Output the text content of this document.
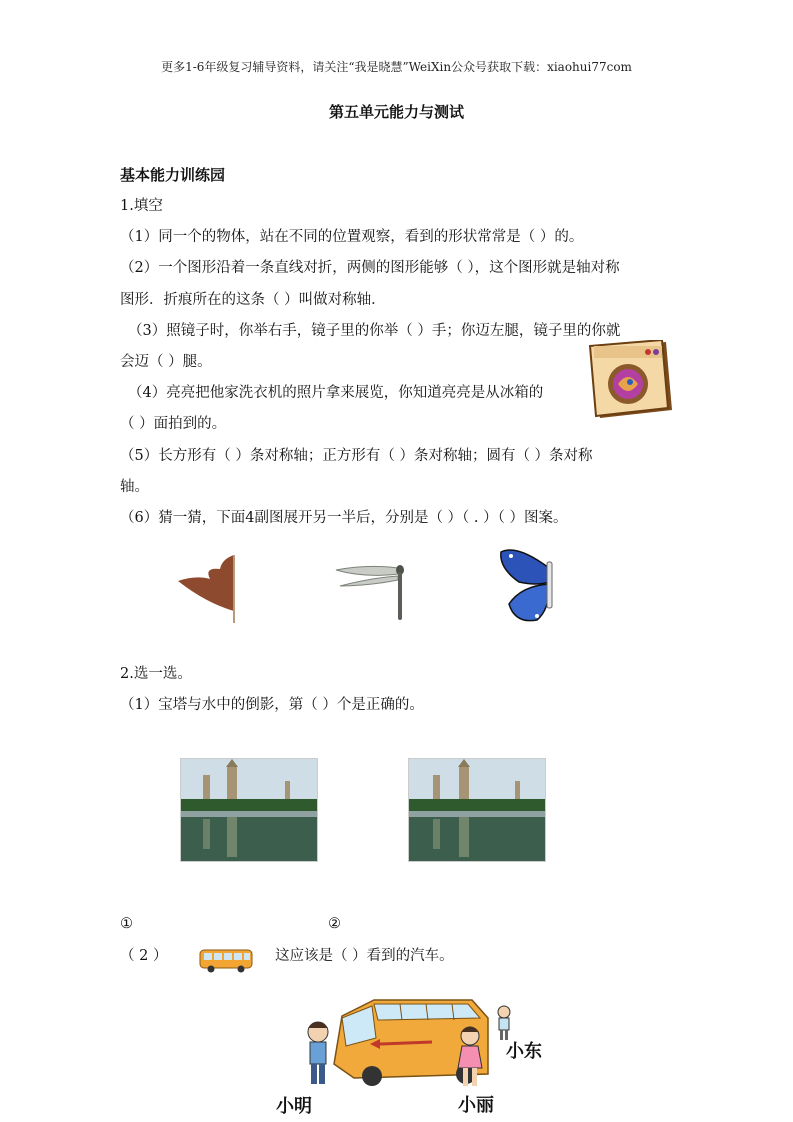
更多1-6年级复习辅导资料，请关注“我是晓慧”WeiXin公众号获取下载：xiaohui77com
第五单元能力与测试
基本能力训练园
1.填空
（1）同一个的物体，站在不同的位置观察，看到的形状常常是（ ）的。
（2）一个图形沿着一条直线对折，两侧的图形能够（ ），这个图形就是轴对称
图形．折痕所在的这条（ ）叫做对称轴．
（3）照镜子时，你举右手，镜子里的你举（ ）手；你迈左腿，镜子里的你就
会迈（ ）腿。
（4）亮亮把他家洗衣机的照片拿来展览，你知道亮亮是从冰箱的
（ ）面拍到的。
（5）长方形有（ ）条对称轴；正方形有（ ）条对称轴；圆有（ ）条对称
轴。
（6）猜一猜，下面4副图展开另一半后，分别是（ ）（ . ）（ ）图案。
2.选一选。
（1）宝塔与水中的倒影，第（ ）个是正确的。
①	②
（ 2 ）	这应该是（ ）看到的汽车。
小东
小明	小丽
